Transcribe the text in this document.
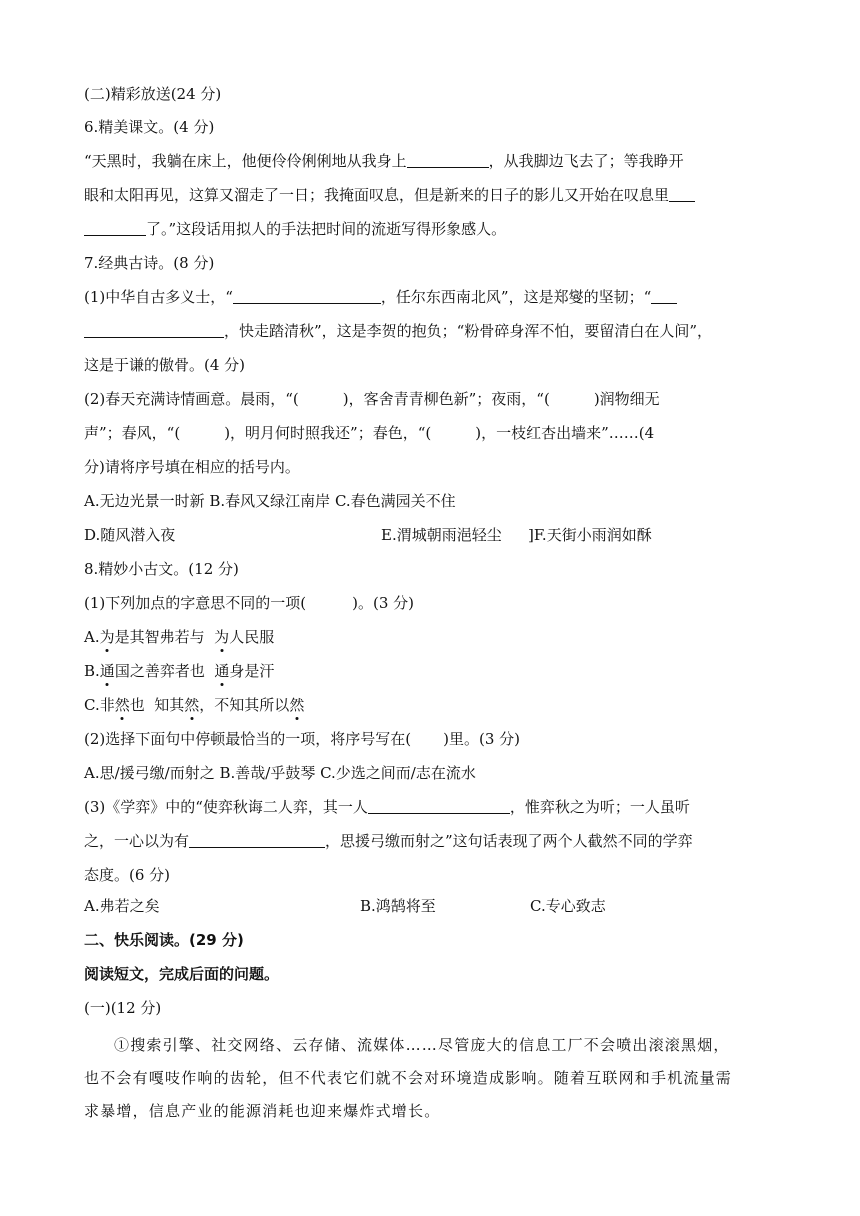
(二)精彩放送(24 分)
6.精美课文。(4 分)
“天黑时，我躺在床上，他便伶伶俐俐地从我身上	，从我脚边飞去了；等我睁开
眼和太阳再见，这算又溜走了一日；我掩面叹息，但是新来的日子的影儿又开始在叹息里
了。”这段话用拟人的手法把时间的流逝写得形象感人。
7.经典古诗。(8 分)
(1)中华自古多义士，“	，任尔东西南北风”，这是郑燮的坚韧；“
，快走踏清秋”，这是李贺的抱负；“粉骨碎身浑不怕，要留清白在人间”，
这是于谦的傲骨。(4 分)
(2)春天充满诗情画意。晨雨，“(	)，客舍青青柳色新”；夜雨，“(	)润物细无
声”；春风，“(	)，明月何时照我还”；春色，“(	)，一枝红杏出墙来”……(4
分)请将序号填在相应的括号内。
A.无边光景一时新 B.春风又绿江南岸 C.春色满园关不住
D.随风潜入夜	E.渭城朝雨浥轻尘 ]F.天街小雨润如酥
8.精妙小古文。(12 分)
(1)下列加点的字意思不同的一项(	)。(3 分)
A.为是其智弗若与  为人民服
B.通国之善弈者也  通身是汗
C.非然也  知其然，不知其所以然
(2)选择下面句中停顿最恰当的一项，将序号写在( )里。(3 分)
A.思/援弓缴/而射之 B.善哉/乎鼓琴 C.少选之间而/志在流水
(3)《学弈》中的“使弈秋诲二人弈，其一人	，惟弈秋之为听；一人虽听
之，一心以为有	，思援弓缴而射之”这句话表现了两个人截然不同的学弈
态度。(6 分)
A.弗若之矣	B.鸿鹄将至	C.专心致志
二、快乐阅读。(29 分)
阅读短文，完成后面的问题。
(一)(12 分)
①搜索引擎、社交网络、云存储、流媒体……尽管庞大的信息工厂不会喷出滚滚黑烟，
也不会有嘎吱作响的齿轮，但不代表它们就不会对环境造成影响。随着互联网和手机流量需
求暴增，信息产业的能源消耗也迎来爆炸式增长。
